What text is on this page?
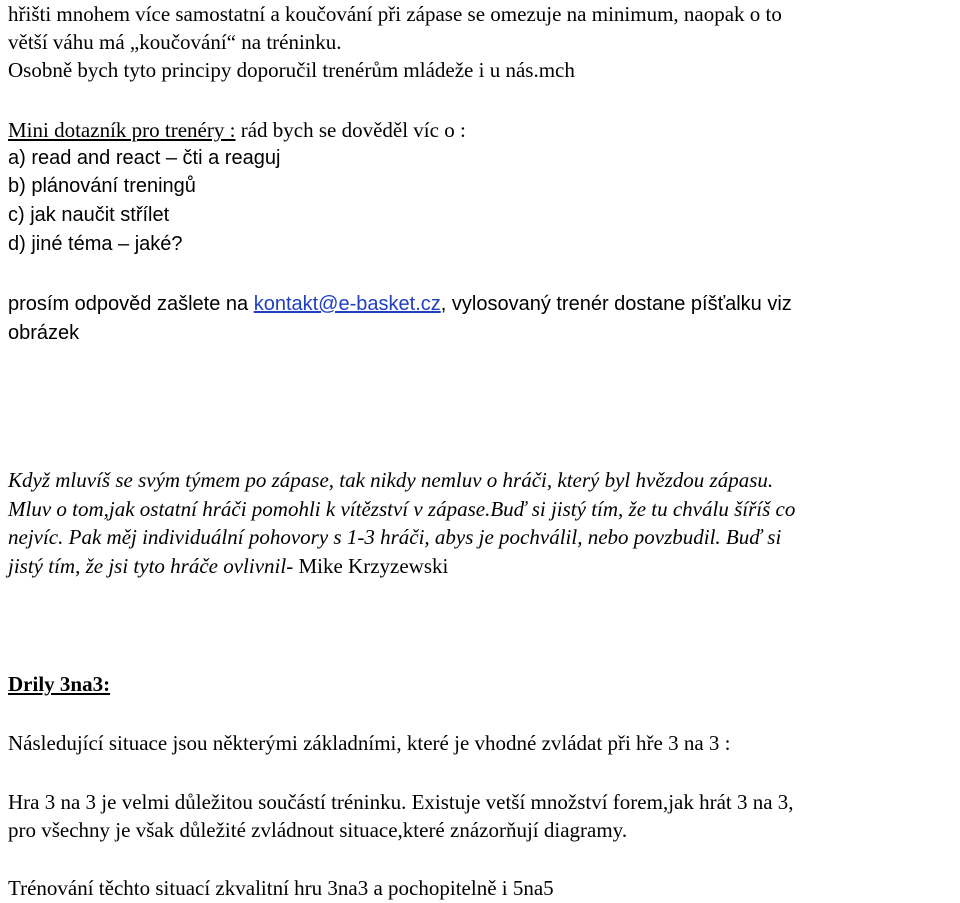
hřišti mnohem více samostatní a koučování při zápase se omezuje na minimum, naopak o to
větší váhu má „koučování“ na tréninku.
Osobně bych tyto principy doporučil trenérům mládeže i u nás.mch
Mini dotazník pro trenéry : rád bych se dověděl víc o :
a) read and react – čti a reaguj
b) plánování treningů
c) jak naučit střílet
d) jiné téma – jaké?
prosím odpověd zašlete na kontakt@e-basket.cz, vylosovaný trenér dostane píšťalku viz
obrázek
Když mluvíš se svým týmem po zápase, tak nikdy nemluv o hráči, který byl hvězdou zápasu.
Mluv o tom,jak ostatní hráči pomohli k vítězství v zápase.Buď si jistý tím, že tu chválu šíříš co
nejvíc. Pak měj individuální pohovory s 1-3 hráči, abys je pochválil, nebo povzbudil. Buď si
jistý tím, že jsi tyto hráče ovlivnil- Mike Krzyzewski
Drily 3na3:
Následující situace jsou některými základními, které je vhodné zvládat při hře 3 na 3 :
Hra 3 na 3 je velmi důležitou součástí tréninku. Existuje vetší množství forem,jak hrát 3 na 3,
pro všechny je však důležité zvládnout situace,které znázorňují diagramy.
Trénování těchto situací zkvalitní hru 3na3 a pochopitelně i 5na5
